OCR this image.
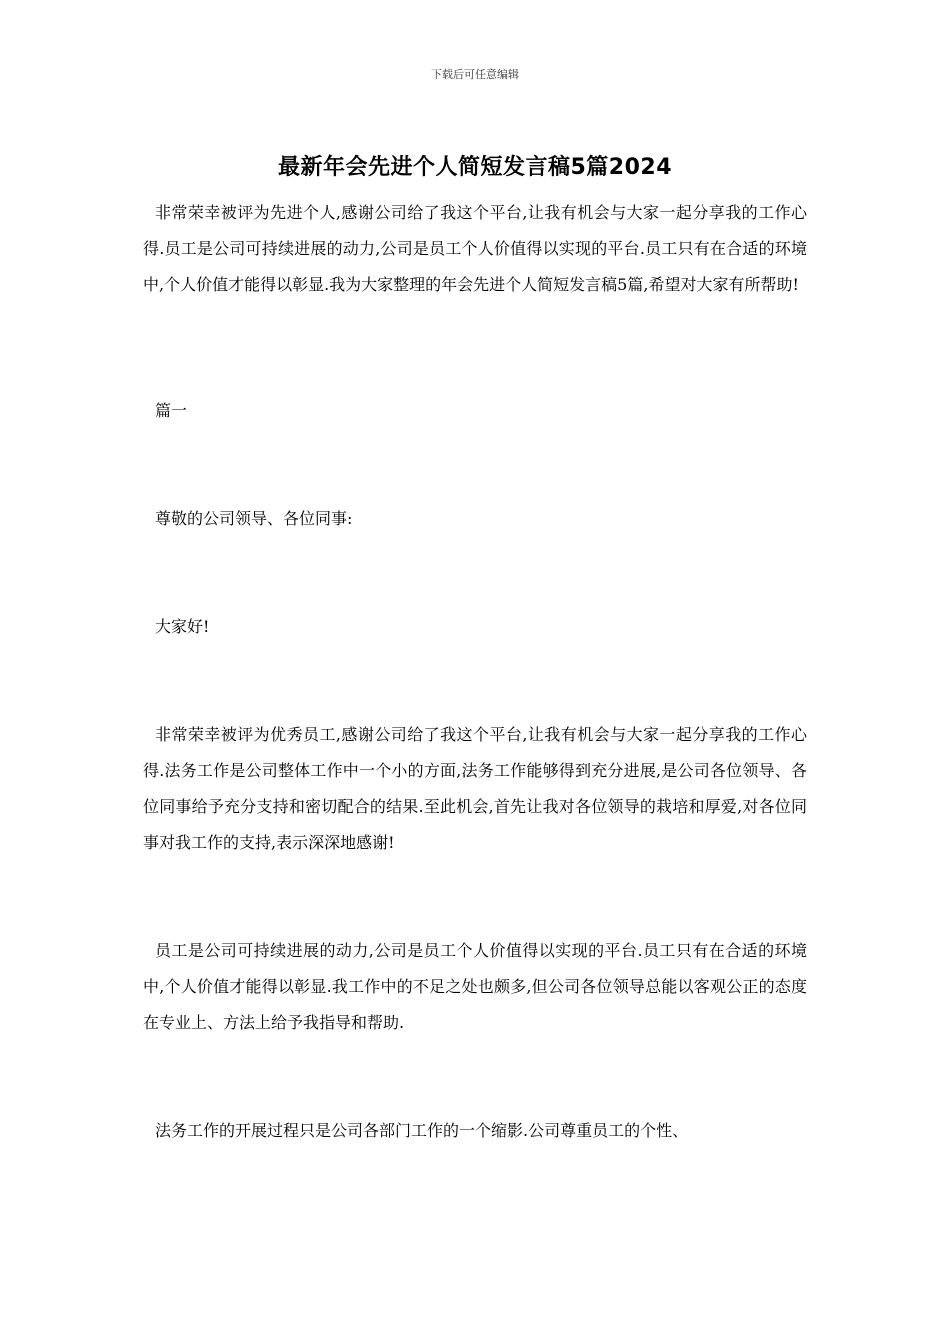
下载后可任意编辑
最新年会先进个人简短发言稿5篇2024

非常荣幸被评为先进个人,感谢公司给了我这个平台,让我有机会与大家一起分享我的工作心得.员工是公司可持续进展的动力,公司是员工个人价值得以实现的平台.员工只有在合适的环境中,个人价值才能得以彰显.我为大家整理的年会先进个人简短发言稿5篇,希望对大家有所帮助!

篇一

尊敬的公司领导、各位同事:

大家好!

非常荣幸被评为优秀员工,感谢公司给了我这个平台,让我有机会与大家一起分享我的工作心得.法务工作是公司整体工作中一个小的方面,法务工作能够得到充分进展,是公司各位领导、各位同事给予充分支持和密切配合的结果.至此机会,首先让我对各位领导的栽培和厚爱,对各位同事对我工作的支持,表示深深地感谢!

员工是公司可持续进展的动力,公司是员工个人价值得以实现的平台.员工只有在合适的环境中,个人价值才能得以彰显.我工作中的不足之处也颇多,但公司各位领导总能以客观公正的态度在专业上、方法上给予我指导和帮助.

法务工作的开展过程只是公司各部门工作的一个缩影.公司尊重员工的个性、
